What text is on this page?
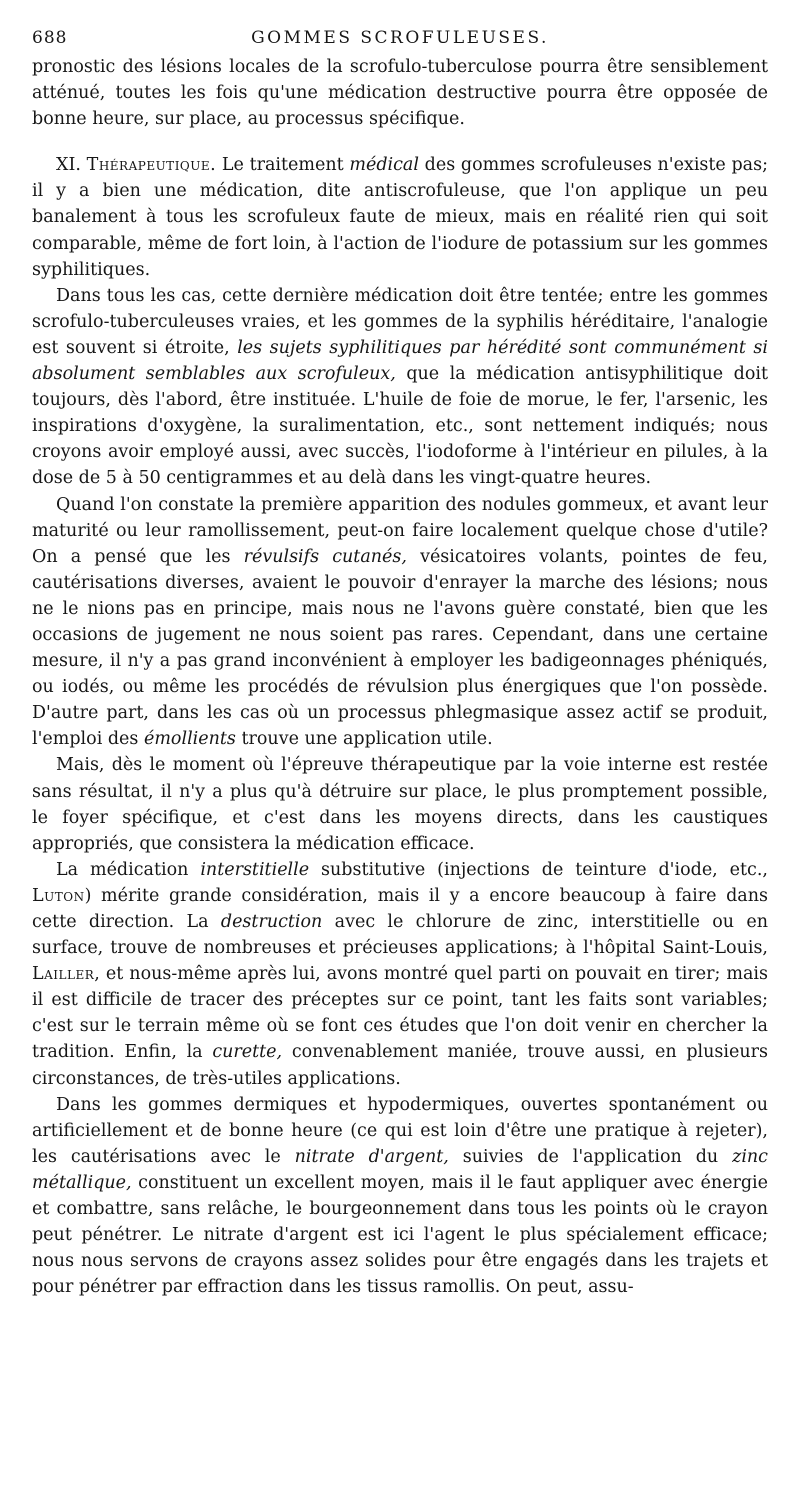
688	GOMMES SCROFULEUSES.

pronostic des lésions locales de la scrofulo-tuberculose pourra être sensiblement atténué, toutes les fois qu'une médication destructive pourra être opposée de bonne heure, sur place, au processus spécifique.

XI. Thérapeutique. Le traitement médical des gommes scrofuleuses n'existe pas; il y a bien une médication, dite antiscrofuleuse, que l'on applique un peu banalement à tous les scrofuleux faute de mieux, mais en réalité rien qui soit comparable, même de fort loin, à l'action de l'iodure de potassium sur les gommes syphilitiques.

Dans tous les cas, cette dernière médication doit être tentée; entre les gommes scrofulo-tuberculeuses vraies, et les gommes de la syphilis héréditaire, l'analogie est souvent si étroite, les sujets syphilitiques par hérédité sont communément si absolument semblables aux scrofuleux, que la médication antisyphilitique doit toujours, dès l'abord, être instituée. L'huile de foie de morue, le fer, l'arsenic, les inspirations d'oxygène, la suralimentation, etc., sont nettement indiqués; nous croyons avoir employé aussi, avec succès, l'iodoforme à l'intérieur en pilules, à la dose de 5 à 50 centigrammes et au delà dans les vingt-quatre heures.

Quand l'on constate la première apparition des nodules gommeux, et avant leur maturité ou leur ramollissement, peut-on faire localement quelque chose d'utile? On a pensé que les révulsifs cutanés, vésicatoires volants, pointes de feu, cautérisations diverses, avaient le pouvoir d'enrayer la marche des lésions; nous ne le nions pas en principe, mais nous ne l'avons guère constaté, bien que les occasions de jugement ne nous soient pas rares. Cependant, dans une certaine mesure, il n'y a pas grand inconvénient à employer les badigeonnages phéniqués, ou iodés, ou même les procédés de révulsion plus énergiques que l'on possède. D'autre part, dans les cas où un processus phlegmasique assez actif se produit, l'emploi des émollients trouve une application utile.

Mais, dès le moment où l'épreuve thérapeutique par la voie interne est restée sans résultat, il n'y a plus qu'à détruire sur place, le plus promptement possible, le foyer spécifique, et c'est dans les moyens directs, dans les caustiques appropriés, que consistera la médication efficace.

La médication interstitielle substitutive (injections de teinture d'iode, etc., Luton) mérite grande considération, mais il y a encore beaucoup à faire dans cette direction. La destruction avec le chlorure de zinc, interstitielle ou en surface, trouve de nombreuses et précieuses applications; à l'hôpital Saint-Louis, Lailler, et nous-même après lui, avons montré quel parti on pouvait en tirer; mais il est difficile de tracer des préceptes sur ce point, tant les faits sont variables; c'est sur le terrain même où se font ces études que l'on doit venir en chercher la tradition. Enfin, la curette, convenablement maniée, trouve aussi, en plusieurs circonstances, de très-utiles applications.

Dans les gommes dermiques et hypodermiques, ouvertes spontanément ou artificiellement et de bonne heure (ce qui est loin d'être une pratique à rejeter), les cautérisations avec le nitrate d'argent, suivies de l'application du zinc métallique, constituent un excellent moyen, mais il le faut appliquer avec énergie et combattre, sans relâche, le bourgeonnement dans tous les points où le crayon peut pénétrer. Le nitrate d'argent est ici l'agent le plus spécialement efficace; nous nous servons de crayons assez solides pour être engagés dans les trajets et pour pénétrer par effraction dans les tissus ramollis. On peut, assu-
